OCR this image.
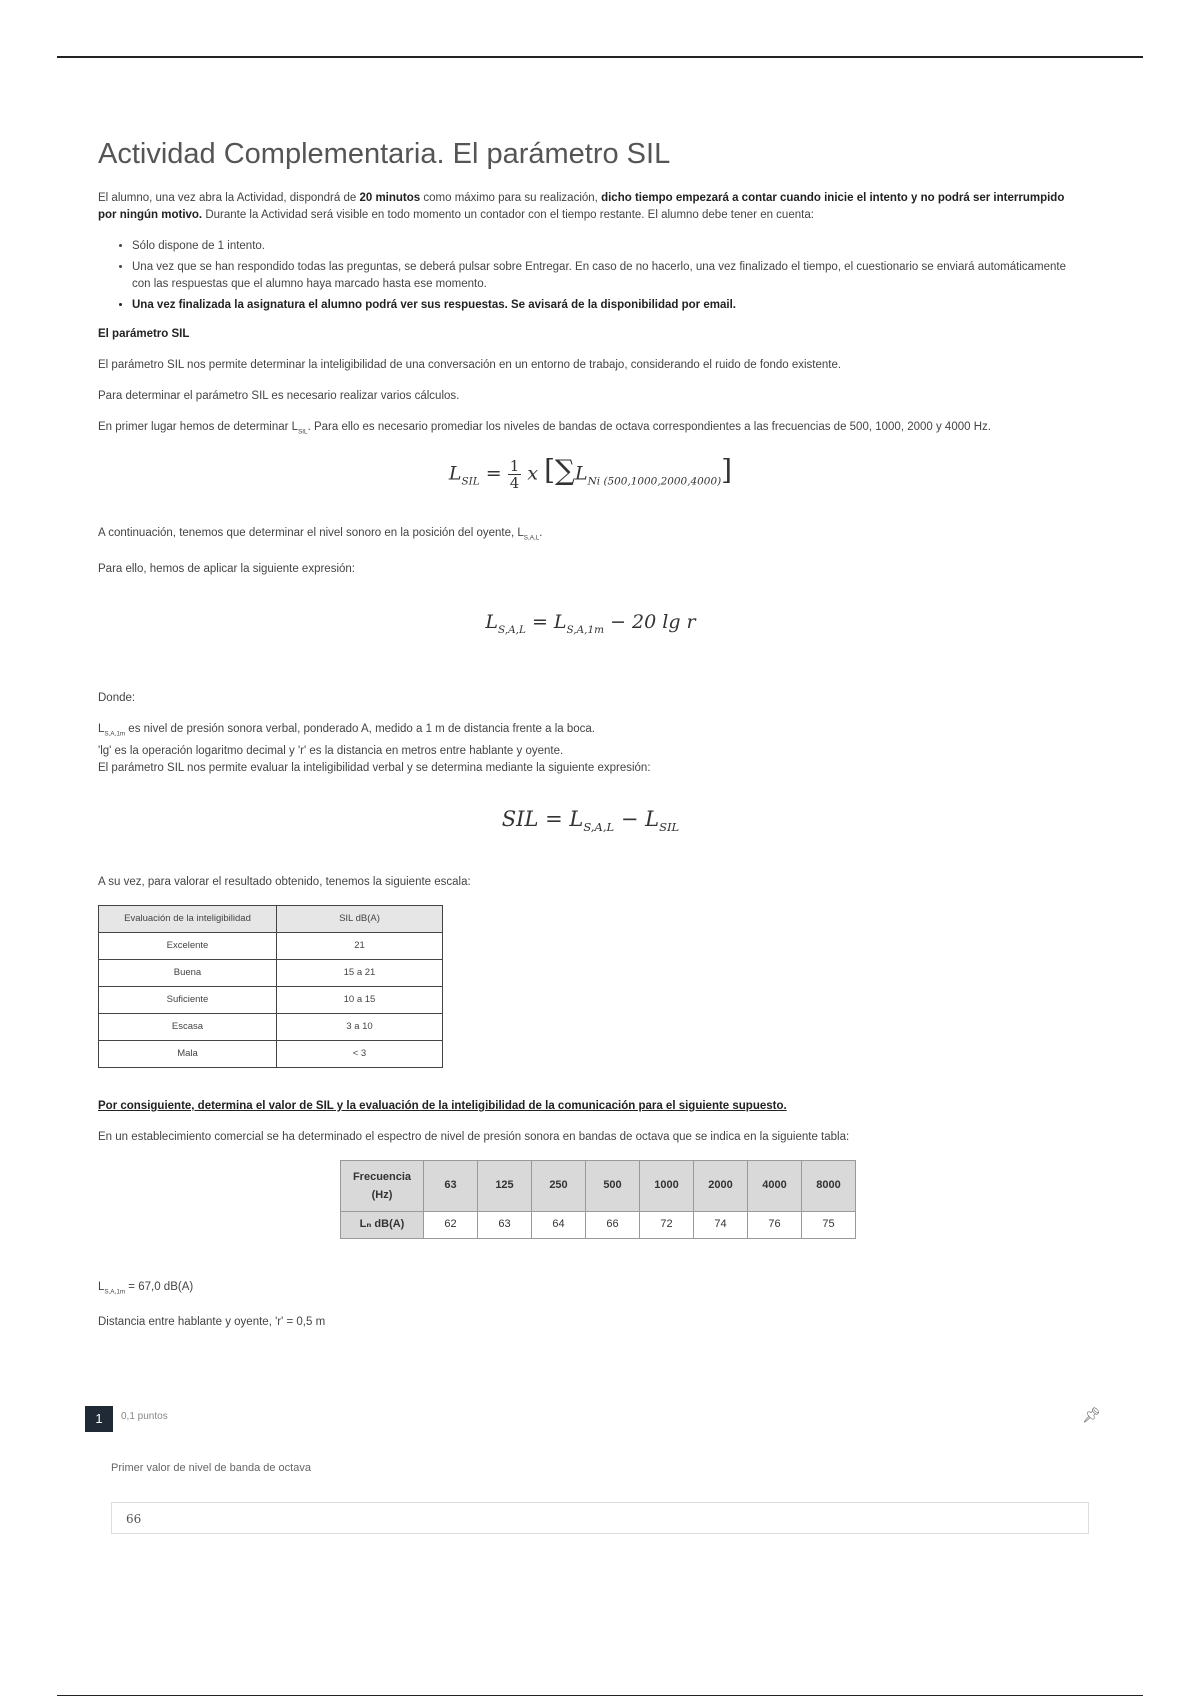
Actividad Complementaria. El parámetro SIL

El alumno, una vez abra la Actividad, dispondrá de 20 minutos como máximo para su realización, dicho tiempo empezará a contar cuando inicie el intento y no podrá ser interrumpido por ningún motivo. Durante la Actividad será visible en todo momento un contador con el tiempo restante. El alumno debe tener en cuenta:

• Sólo dispone de 1 intento.
• Una vez que se han respondido todas las preguntas, se deberá pulsar sobre Entregar. En caso de no hacerlo, una vez finalizado el tiempo, el cuestionario se enviará automáticamente con las respuestas que el alumno haya marcado hasta ese momento.
• Una vez finalizada la asignatura el alumno podrá ver sus respuestas. Se avisará de la disponibilidad por email.

El parámetro SIL

El parámetro SIL nos permite determinar la inteligibilidad de una conversación en un entorno de trabajo, considerando el ruido de fondo existente.

Para determinar el parámetro SIL es necesario realizar varios cálculos.

En primer lugar hemos de determinar $L_{SIL}$. Para ello es necesario promediar los niveles de bandas de octava correspondientes a las frecuencias de 500, 1000, 2000 y 4000 Hz.

$L_{SIL} = \frac{1}{4}$ x $[\sum L_{Ni (500,1000,2000,4000)}]$

A continuación, tenemos que determinar el nivel sonoro en la posición del oyente, $L_{S,A,L}$.

Para ello, hemos de aplicar la siguiente expresión:

$L_{S,A,L} = L_{S,A,1m} - 20$ lg r

Donde:

$L_{S,A,1m}$ es nivel de presión sonora verbal, ponderado A, medido a 1 m de distancia frente a la boca.
'lg' es la operación logaritmo decimal y 'r' es la distancia en metros entre hablante y oyente.
El parámetro SIL nos permite evaluar la inteligibilidad verbal y se determina mediante la siguiente expresión:
SIL = $L_{S,A,L} - L_{SIL}$

A su vez, para valorar el resultado obtenido, tenemos la siguiente escala:

Evaluación de la inteligibilidad	SIL dB(A)
Excelente	21
Buena	15 a 21
Suficiente	10 a 15
Escasa	3 a 10
Mala	< 3

Por consiguiente, determina el valor de SIL y la evaluación de la inteligibilidad de la comunicación para el siguiente supuesto.

En un establecimiento comercial se ha determinado el espectro de nivel de presión sonora en bandas de octava que se indica en la siguiente tabla:

Frecuencia
(Hz)	63	125	250	500	1000	2000	4000	8000
Lₙ dB(A)	62	63	64	66	72	74	76	75

$L_{S,A,1m} = 67,0$ dB(A)

Distancia entre hablante y oyente, 'r' = 0,5 m

1	0,1 puntos	📌︎
Primer valor de nivel de banda de octava
66
